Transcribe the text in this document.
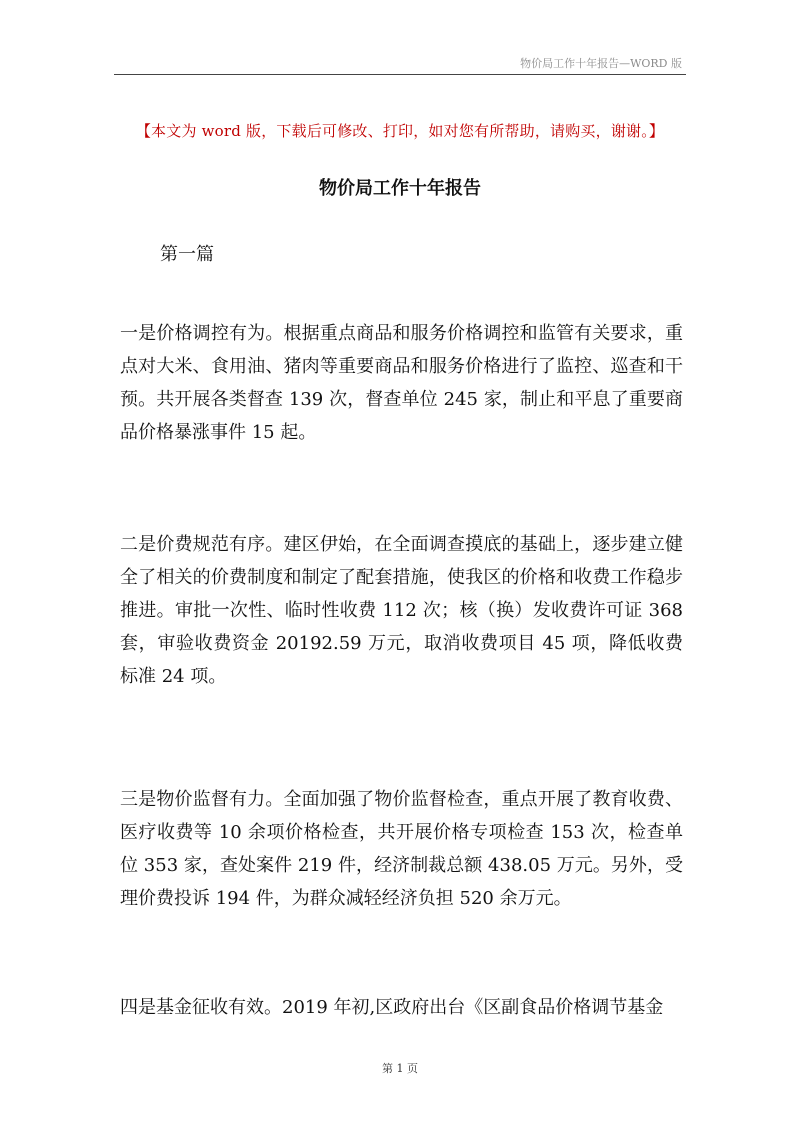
物价局工作十年报告—WORD 版
【本文为 word 版，下载后可修改、打印，如对您有所帮助，请购买，谢谢。】
物价局工作十年报告
第一篇

一是价格调控有为。根据重点商品和服务价格调控和监管有关要求，重点对大米、食用油、猪肉等重要商品和服务价格进行了监控、巡查和干预。共开展各类督查 139 次，督查单位 245 家，制止和平息了重要商品价格暴涨事件 15 起。

二是价费规范有序。建区伊始，在全面调查摸底的基础上，逐步建立健全了相关的价费制度和制定了配套措施，使我区的价格和收费工作稳步推进。审批一次性、临时性收费 112 次；核（换）发收费许可证 368 套，审验收费资金 20192.59 万元，取消收费项目 45 项，降低收费标准 24 项。

三是物价监督有力。全面加强了物价监督检查，重点开展了教育收费、医疗收费等 10 余项价格检查，共开展价格专项检查 153 次，检查单位 353 家，查处案件 219 件，经济制裁总额 438.05 万元。另外，受理价费投诉 194 件，为群众减轻经济负担 520 余万元。

四是基金征收有效。2019 年初,区政府出台《区副食品价格调节基金

第 1 页
